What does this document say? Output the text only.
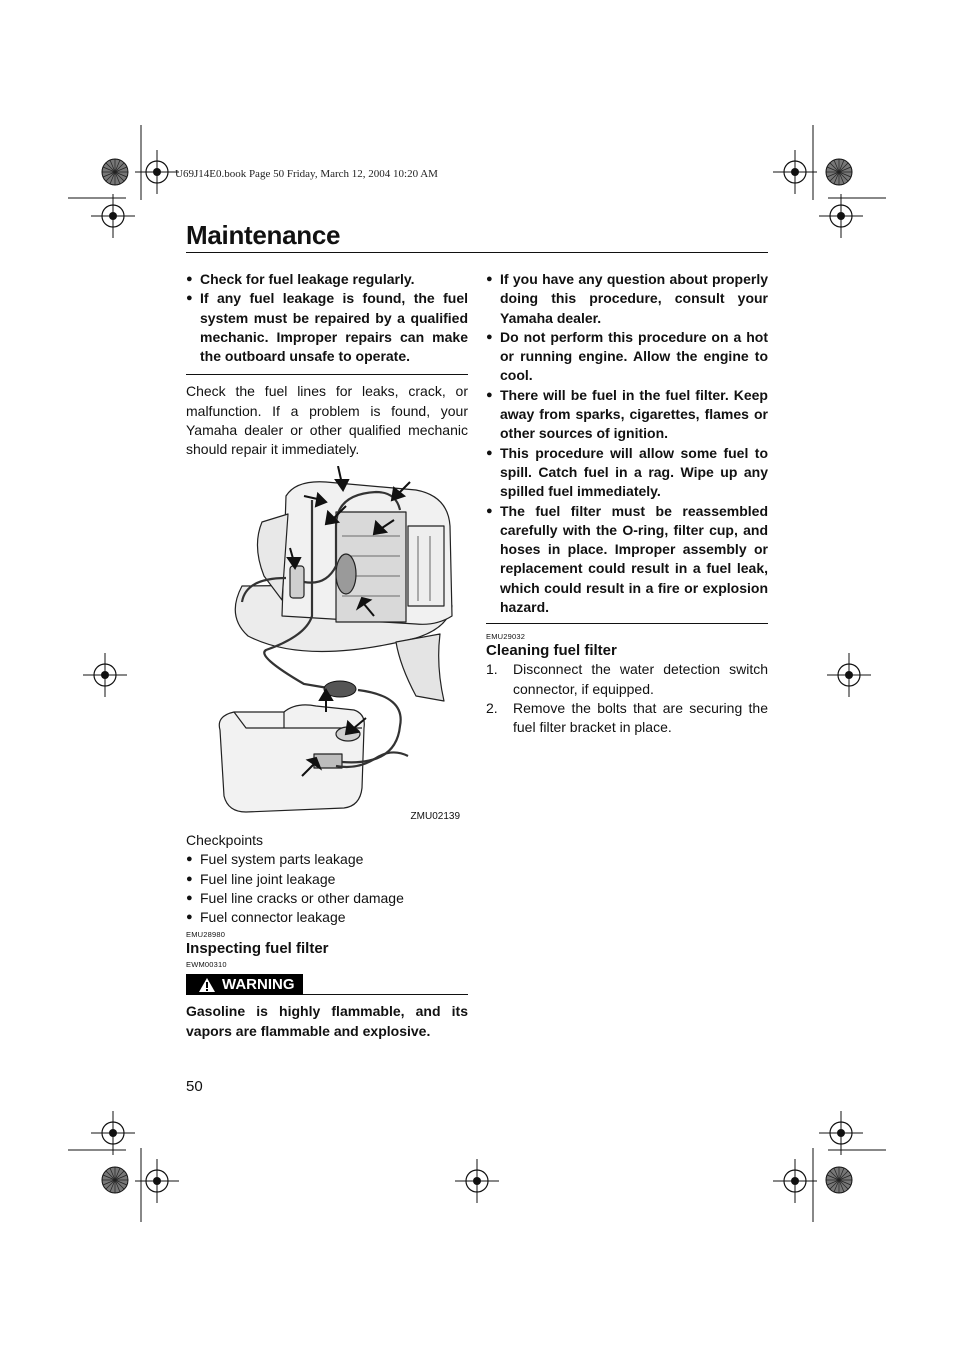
U69J14E0.book Page 50 Friday, March 12, 2004 10:20 AM
Maintenance
● Check for fuel leakage regularly.
● If any fuel leakage is found, the fuel system must be repaired by a qualified mechanic. Improper repairs can make the outboard unsafe to operate.

Check the fuel lines for leaks, crack, or malfunction. If a problem is found, your Yamaha dealer or other qualified mechanic should repair it immediately.

ZMU02139
Checkpoints
● Fuel system parts leakage
● Fuel line joint leakage
● Fuel line cracks or other damage
● Fuel connector leakage
EMU28980
Inspecting fuel filter
EWM00310
WARNING

Gasoline is highly flammable, and its vapors are flammable and explosive.

● If you have any question about properly doing this procedure, consult your Yamaha dealer.
● Do not perform this procedure on a hot or running engine. Allow the engine to cool.
● There will be fuel in the fuel filter. Keep away from sparks, cigarettes, flames or other sources of ignition.
● This procedure will allow some fuel to spill. Catch fuel in a rag. Wipe up any spilled fuel immediately.
● The fuel filter must be reassembled carefully with the O-ring, filter cup, and hoses in place. Improper assembly or replacement could result in a fuel leak, which could result in a fire or explosion hazard.
EMU29032
Cleaning fuel filter
1. Disconnect the water detection switch connector, if equipped.
2. Remove the bolts that are securing the fuel filter bracket in place.
50
